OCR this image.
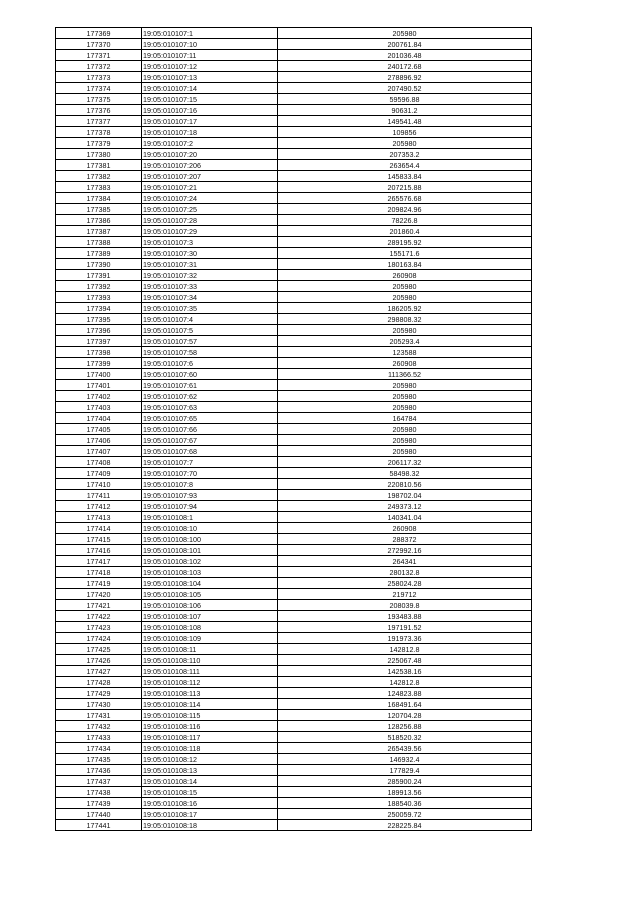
177369	19:05:010107:1	205980
177370	19:05:010107:10	200761.84
177371	19:05:010107:11	201036.48
177372	19:05:010107:12	240172.68
177373	19:05:010107:13	278896.92
177374	19:05:010107:14	207490.52
177375	19:05:010107:15	59596.88
177376	19:05:010107:16	90631.2
177377	19:05:010107:17	149541.48
177378	19:05:010107:18	109856
177379	19:05:010107:2	205980
177380	19:05:010107:20	207353.2
177381	19:05:010107:206	263654.4
177382	19:05:010107:207	145833.84
177383	19:05:010107:21	207215.88
177384	19:05:010107:24	265576.68
177385	19:05:010107:25	209824.96
177386	19:05:010107:28	78226.8
177387	19:05:010107:29	201860.4
177388	19:05:010107:3	289195.92
177389	19:05:010107:30	155171.6
177390	19:05:010107:31	180163.84
177391	19:05:010107:32	260908
177392	19:05:010107:33	205980
177393	19:05:010107:34	205980
177394	19:05:010107:35	186205.92
177395	19:05:010107:4	298808.32
177396	19:05:010107:5	205980
177397	19:05:010107:57	205293.4
177398	19:05:010107:58	123588
177399	19:05:010107:6	260908
177400	19:05:010107:60	111366.52
177401	19:05:010107:61	205980
177402	19:05:010107:62	205980
177403	19:05:010107:63	205980
177404	19:05:010107:65	164784
177405	19:05:010107:66	205980
177406	19:05:010107:67	205980
177407	19:05:010107:68	205980
177408	19:05:010107:7	206117.32
177409	19:05:010107:70	58498.32
177410	19:05:010107:8	220810.56
177411	19:05:010107:93	198702.04
177412	19:05:010107:94	249373.12
177413	19:05:010108:1	140341.04
177414	19:05:010108:10	260908
177415	19:05:010108:100	288372
177416	19:05:010108:101	272992.16
177417	19:05:010108:102	264341
177418	19:05:010108:103	280132.8
177419	19:05:010108:104	258024.28
177420	19:05:010108:105	219712
177421	19:05:010108:106	208039.8
177422	19:05:010108:107	193483.88
177423	19:05:010108:108	197191.52
177424	19:05:010108:109	191973.36
177425	19:05:010108:11	142812.8
177426	19:05:010108:110	225067.48
177427	19:05:010108:111	142538.16
177428	19:05:010108:112	142812.8
177429	19:05:010108:113	124823.88
177430	19:05:010108:114	168491.64
177431	19:05:010108:115	120704.28
177432	19:05:010108:116	128256.88
177433	19:05:010108:117	518520.32
177434	19:05:010108:118	265439.56
177435	19:05:010108:12	146932.4
177436	19:05:010108:13	177829.4
177437	19:05:010108:14	285900.24
177438	19:05:010108:15	189913.56
177439	19:05:010108:16	188540.36
177440	19:05:010108:17	250059.72
177441	19:05:010108:18	228225.84
